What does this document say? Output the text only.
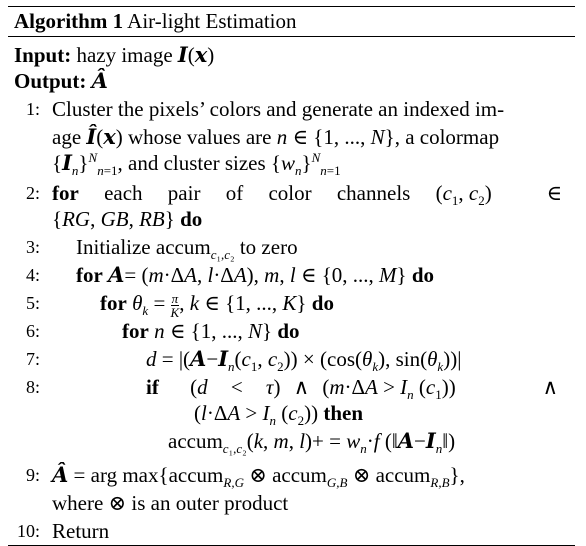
Algorithm 1 Air-light Estimation
Input: hazy image I(x)
Output: Â
1: Cluster the pixels’ colors and generate an indexed im-
age Î(x) whose values are n ∈ {1, ..., N}, a colormap
$\{I_n\}^N_{n=1}$, and cluster sizes $\{w_n\}^N_{n=1}$
2: for each pair of color channels ($c_1$, $c_2$)	∈
{RG, GB, RB} do
3: Initialize accum$_{c_1,c_2}$ to zero
4: for A= (m·ΔA, l·ΔA), m, l ∈ {0, ..., M} do
5:	for $\theta_k = \frac{\pi}{K}$ , k ∈ {1, ..., K} do
6:	for n ∈ {1, ..., N} do
7:	$d = |(A-I_n(c_1$, $c_2)) \times (\cos(\theta_k)$, $\sin(\theta_k))|$
8:	if (d < τ) ∧ ($m\cdot\Delta A > I_n$ $(c_1)$)	∧
($l\cdot\Delta A > I_n$ $(c_2)$) then
accum$_{c_1,c_2}$(k, m, $l)+ = w_n\cdot f$ $(‖A-I_n‖)$
9: Â = arg max{accum$_{R,G}$ ⊗ accum$_{G,B}$ ⊗ accum$_{R,B}$},
where ⊗ is an outer product
10: Return
